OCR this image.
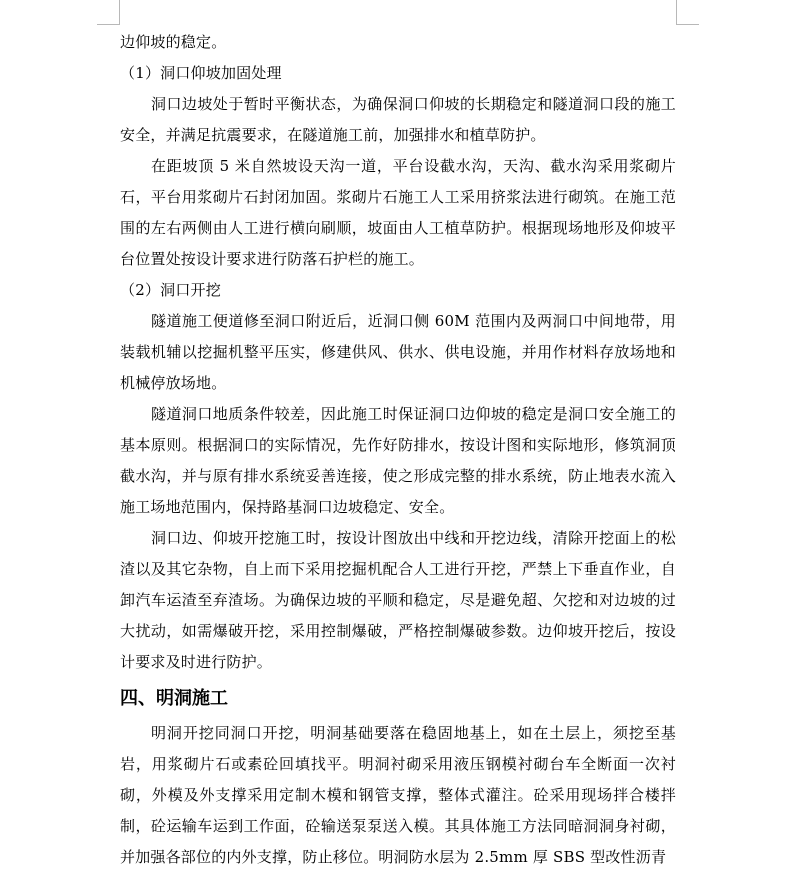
边仰坡的稳定。

（1）洞口仰坡加固处理

洞口边坡处于暂时平衡状态，为确保洞口仰坡的长期稳定和隧道洞口段的施工安全，并满足抗震要求，在隧道施工前，加强排水和植草防护。

在距坡顶 5 米自然坡设天沟一道，平台设截水沟，天沟、截水沟采用浆砌片石，平台用浆砌片石封闭加固。浆砌片石施工人工采用挤浆法进行砌筑。在施工范围的左右两侧由人工进行横向刷顺，坡面由人工植草防护。根据现场地形及仰坡平台位置处按设计要求进行防落石护栏的施工。

（2）洞口开挖

隧道施工便道修至洞口附近后，近洞口侧 60M 范围内及两洞口中间地带，用装载机辅以挖掘机整平压实，修建供风、供水、供电设施，并用作材料存放场地和机械停放场地。

隧道洞口地质条件较差，因此施工时保证洞口边仰坡的稳定是洞口安全施工的基本原则。根据洞口的实际情况，先作好防排水，按设计图和实际地形，修筑洞顶截水沟，并与原有排水系统妥善连接，使之形成完整的排水系统，防止地表水流入施工场地范围内，保持路基洞口边坡稳定、安全。

洞口边、仰坡开挖施工时，按设计图放出中线和开挖边线，清除开挖面上的松渣以及其它杂物，自上而下采用挖掘机配合人工进行开挖，严禁上下垂直作业，自卸汽车运渣至弃渣场。为确保边坡的平顺和稳定，尽是避免超、欠挖和对边坡的过大扰动，如需爆破开挖，采用控制爆破，严格控制爆破参数。边仰坡开挖后，按设计要求及时进行防护。

四、明洞施工

明洞开挖同洞口开挖，明洞基础要落在稳固地基上，如在土层上，须挖至基岩，用浆砌片石或素砼回填找平。明洞衬砌采用液压钢模衬砌台车全断面一次衬砌，外模及外支撑采用定制木模和钢管支撑，整体式灌注。砼采用现场拌合楼拌制，砼运输车运到工作面，砼输送泵泵送入模。其具体施工方法同暗洞洞身衬砌，并加强各部位的内外支撑，防止移位。明洞防水层为 2.5mm 厚 SBS 型改性沥青
